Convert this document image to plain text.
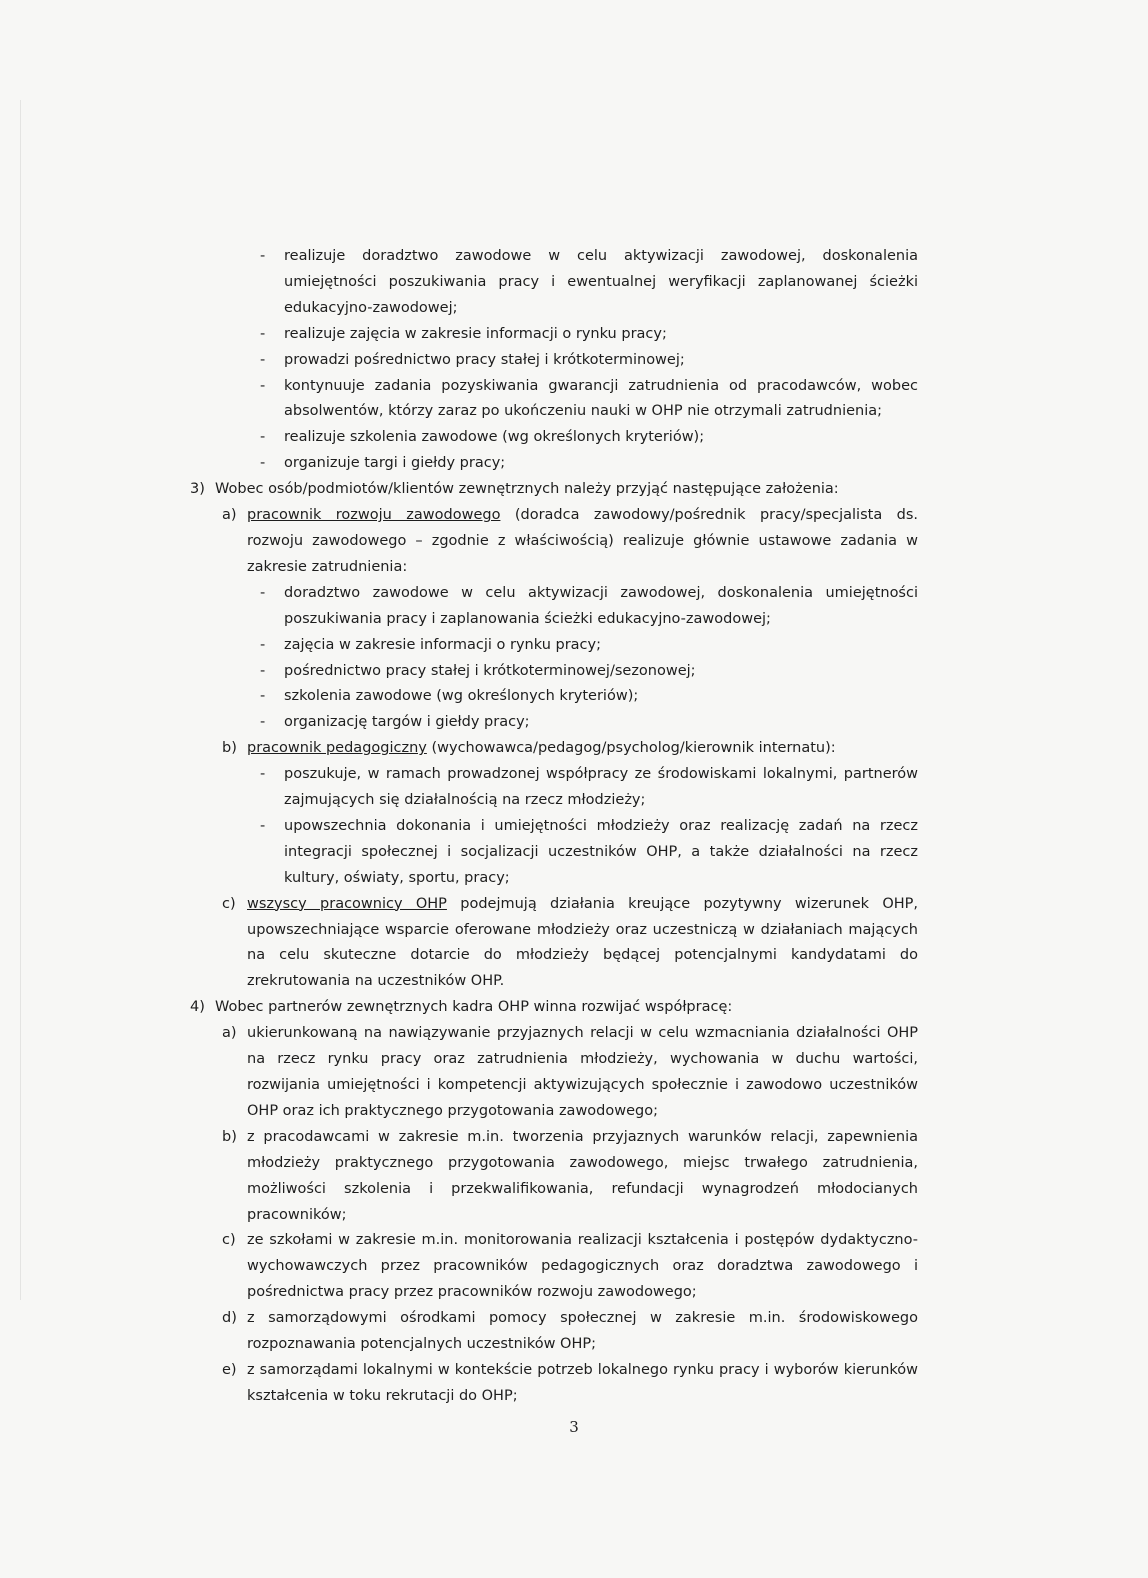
- realizuje doradztwo zawodowe w celu aktywizacji zawodowej, doskonalenia umiejętności poszukiwania pracy i ewentualnej weryfikacji zaplanowanej ścieżki edukacyjno-zawodowej;
- realizuje zajęcia w zakresie informacji o rynku pracy;
- prowadzi pośrednictwo pracy stałej i krótkoterminowej;
- kontynuuje zadania pozyskiwania gwarancji zatrudnienia od pracodawców, wobec absolwentów, którzy zaraz po ukończeniu nauki w OHP nie otrzymali zatrudnienia;
- realizuje szkolenia zawodowe (wg określonych kryteriów);
- organizuje targi i giełdy pracy;
3) Wobec osób/podmiotów/klientów zewnętrznych należy przyjąć następujące założenia:
a) pracownik rozwoju zawodowego (doradca zawodowy/pośrednik pracy/specjalista ds. rozwoju zawodowego – zgodnie z właściwością) realizuje głównie ustawowe zadania w zakresie zatrudnienia:
- doradztwo zawodowe w celu aktywizacji zawodowej, doskonalenia umiejętności poszukiwania pracy i zaplanowania ścieżki edukacyjno-zawodowej;
- zajęcia w zakresie informacji o rynku pracy;
- pośrednictwo pracy stałej i krótkoterminowej/sezonowej;
- szkolenia zawodowe (wg określonych kryteriów);
- organizację targów i giełdy pracy;
b) pracownik pedagogiczny (wychowawca/pedagog/psycholog/kierownik internatu):
- poszukuje, w ramach prowadzonej współpracy ze środowiskami lokalnymi, partnerów zajmujących się działalnością na rzecz młodzieży;
- upowszechnia dokonania i umiejętności młodzieży oraz realizację zadań na rzecz integracji społecznej i socjalizacji uczestników OHP, a także działalności na rzecz kultury, oświaty, sportu, pracy;
c) wszyscy pracownicy OHP podejmują działania kreujące pozytywny wizerunek OHP, upowszechniające wsparcie oferowane młodzieży oraz uczestniczą w działaniach mających na celu skuteczne dotarcie do młodzieży będącej potencjalnymi kandydatami do zrekrutowania na uczestników OHP.
4) Wobec partnerów zewnętrznych kadra OHP winna rozwijać współpracę:
a) ukierunkowaną na nawiązywanie przyjaznych relacji w celu wzmacniania działalności OHP na rzecz rynku pracy oraz zatrudnienia młodzieży, wychowania w duchu wartości, rozwijania umiejętności i kompetencji aktywizujących społecznie i zawodowo uczestników OHP oraz ich praktycznego przygotowania zawodowego;
b) z pracodawcami w zakresie m.in. tworzenia przyjaznych warunków relacji, zapewnienia młodzieży praktycznego przygotowania zawodowego, miejsc trwałego zatrudnienia, możliwości szkolenia i przekwalifikowania, refundacji wynagrodzeń młodocianych pracowników;
c) ze szkołami w zakresie m.in. monitorowania realizacji kształcenia i postępów dydaktyczno-wychowawczych przez pracowników pedagogicznych oraz doradztwa zawodowego i pośrednictwa pracy przez pracowników rozwoju zawodowego;
d) z samorządowymi ośrodkami pomocy społecznej w zakresie m.in. środowiskowego rozpoznawania potencjalnych uczestników OHP;
e) z samorządami lokalnymi w kontekście potrzeb lokalnego rynku pracy i wyborów kierunków kształcenia w toku rekrutacji do OHP;
3
